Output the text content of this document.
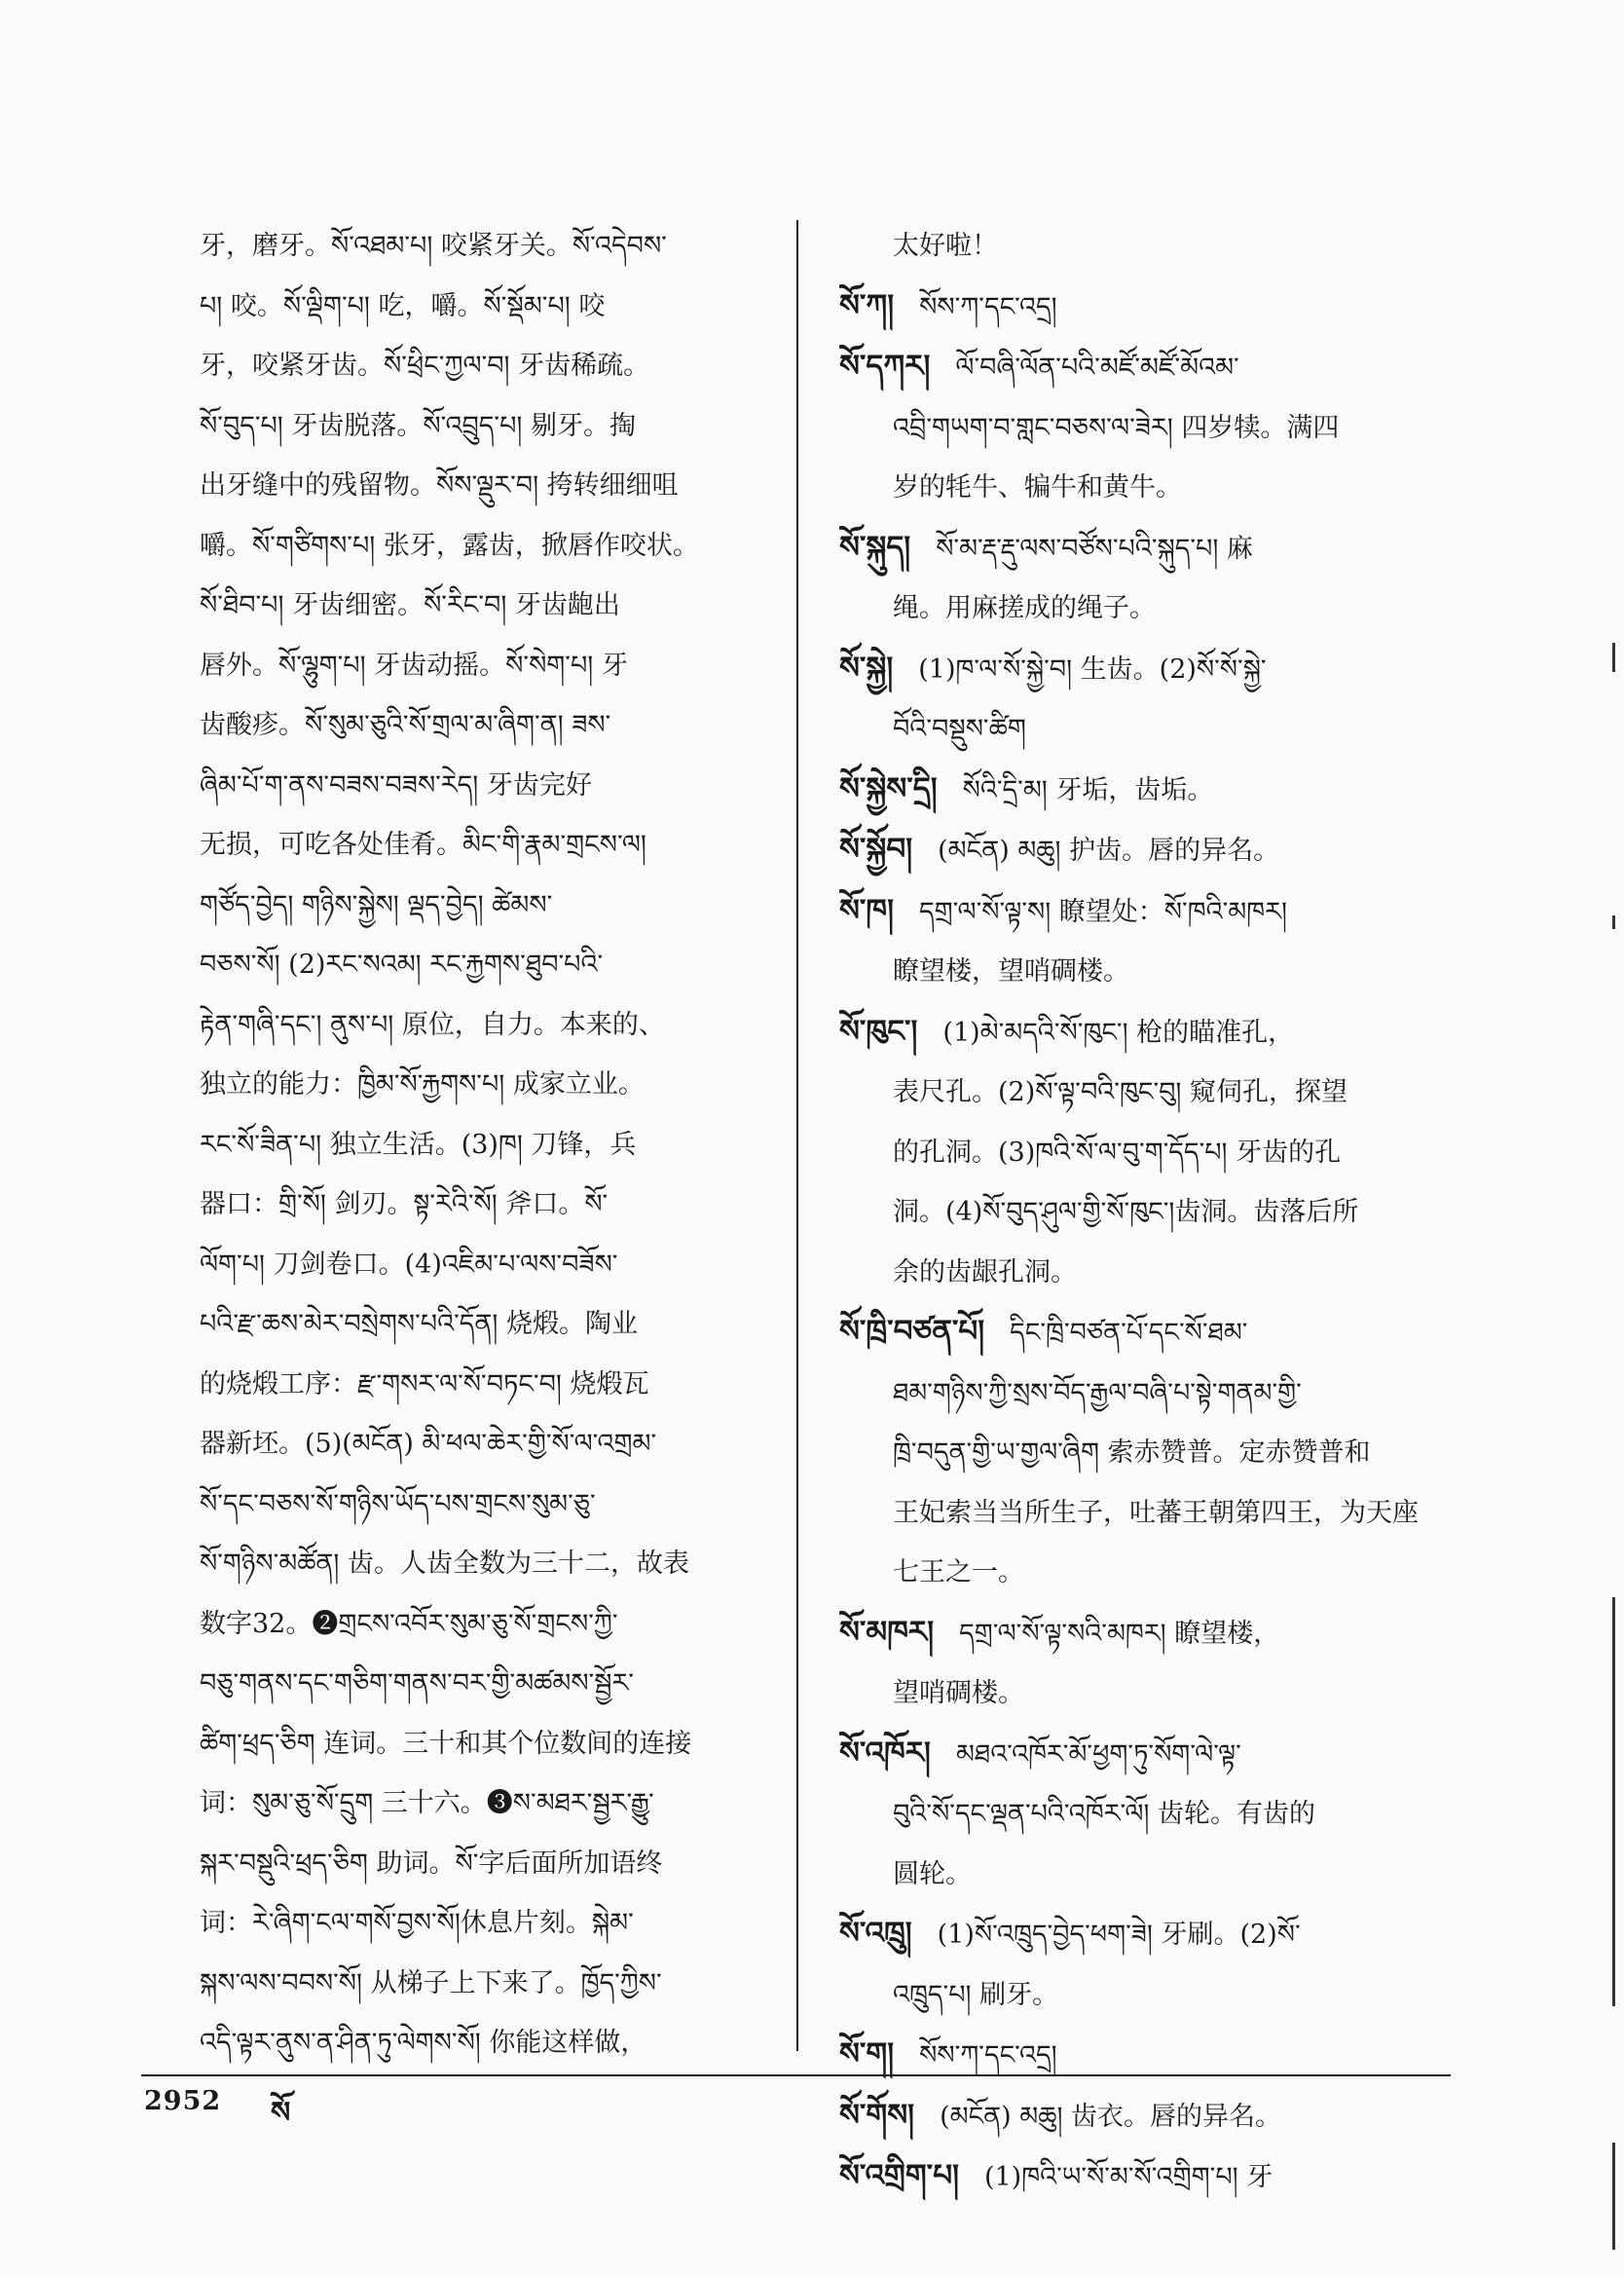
牙，磨牙。སོ་འཐམ་པ། 咬紧牙关。སོ་འདེབས་
པ། 咬。སོ་ལྡིག་པ། 吃，嚼。སོ་སྡོམ་པ། 咬
牙，咬紧牙齿。སོ་ཕྲིང་ཀྱལ་བ། 牙齿稀疏。
སོ་བུད་པ། 牙齿脱落。སོ་འབྲུད་པ། 剔牙。掏
出牙缝中的残留物。སོས་ལྡུར་བ། 挎转细细咀
嚼。སོ་གཙིགས་པ། 张牙，露齿，掀唇作咬状。
སོ་ཐིབ་པ། 牙齿细密。སོ་རིང་བ། 牙齿龅出
唇外。སོ་ལྷུག་པ། 牙齿动摇。སོ་སེག་པ། 牙
齿酸疹。སོ་སུམ་ཅུའི་སོ་གྲལ་མ་ཞིག་ན། ཟས་
ཞིམ་པོ་ག་ནས་བཟས་བཟས་རེད། 牙齿完好
无损，可吃各处佳肴。མིང་གི་རྣམ་གྲངས་ལ།
གཙོད་བྱེད། གཉིས་སྐྱེས། ལྡད་བྱེད། ཚེམས་
བཅས་སོ། (2)རང་སའམ། རང་རྐྱགས་ཐུབ་པའི་
རྟེན་གཞི་དང་། ནུས་པ། 原位，自力。本来的、
独立的能力：ཁྱིམ་སོ་རྐྱགས་པ། 成家立业。
རང་སོ་ཟིན་པ། 独立生活。(3)ཁ། 刀锋，兵
器口：གྲི་སོ། 剑刃。སྟ་རེའི་སོ། 斧口。སོ་
ལོག་པ། 刀剑卷口。(4)འཇིམ་པ་ལས་བཟོས་
པའི་རྫ་ཆས་མེར་བསྲེགས་པའི་དོན། 烧煅。陶业
的烧煅工序：རྫ་གསར་ལ་སོ་བཏང་བ། 烧煅瓦
器新坯。(5)(མངོན) མི་ཕལ་ཆེར་གྱི་སོ་ལ་འགྲམ་
སོ་དང་བཅས་སོ་གཉིས་ཡོད་པས་གྲངས་སུམ་ཅུ་
སོ་གཉིས་མཚོན། 齿。人齿全数为三十二，故表
数字32。❷གྲངས་འབོར་སུམ་ཅུ་སོ་གྲངས་ཀྱི་
བཅུ་གནས་དང་གཅིག་གནས་བར་གྱི་མཚམས་སྦྱོར་
ཚིག་ཕྲད་ཅིག 连词。三十和其个位数间的连接
词：སུམ་ཅུ་སོ་དྲུག 三十六。❸ས་མཐར་སྦྱར་རྒྱུ་
སྐར་བསྡུའི་ཕྲད་ཅིག 助词。སོ་字后面所加语终
词：རེ་ཞིག་ངལ་གསོ་བྱས་སོ།休息片刻。སྐེམ་
སྐས་ལས་བབས་སོ། 从梯子上下来了。ཁྱོད་ཀྱིས་
འདི་ལྟར་ནུས་ན་ཤིན་ཏུ་ལེགས་སོ། 你能这样做，
太好啦！
སོ་ཀ། སོས་ཀ་དང་འདྲ།
སོ་དཀར། ལོ་བཞི་ལོན་པའི་མཛོ་མཛོ་མོའམ་
འབྲི་གཡག་བ་གླང་བཅས་ལ་ཟེར། 四岁犊。满四
岁的牦牛、犏牛和黄牛。
སོ་སྐུད། སོ་མ་རྡ་རྡུ་ལས་བཙོས་པའི་སྐུད་པ། 麻
绳。用麻搓成的绳子。
སོ་སྐྱེ། (1)ཁ་ལ་སོ་སྐྱེ་བ། 生齿。(2)སོ་སོ་སྐྱེ་
བོའི་བསྡུས་ཚིག
སོ་སྐྱེས་དྲི། སོའི་དྲི་མ། 牙垢，齿垢。
སོ་སྐྱོབ། (མངོན) མཆུ། 护齿。唇的异名。
སོ་ཁ། དགྲ་ལ་སོ་ལྟ་ས། 瞭望处：སོ་ཁའི་མཁར།
瞭望楼，望哨碉楼。
སོ་ཁུང་། (1)མེ་མདའི་སོ་ཁུང་། 枪的瞄准孔，
表尺孔。(2)སོ་ལྟ་བའི་ཁུང་བུ། 窥伺孔，探望
的孔洞。(3)ཁའི་སོ་ལ་བུ་ག་དོད་པ། 牙齿的孔
洞。(4)སོ་བུད་ཤུལ་གྱི་སོ་ཁུང་།齿洞。齿落后所
余的齿龈孔洞。
སོ་ཁྲི་བཙན་པོ། དིང་ཁྲི་བཙན་པོ་དང་སོ་ཐམ་
ཐམ་གཉིས་ཀྱི་སྲས་བོད་རྒྱལ་བཞི་པ་སྟེ་གནམ་གྱི་
ཁྲི་བདུན་གྱི་ཡ་གྱལ་ཞིག 索赤赞普。定赤赞普和
王妃索当当所生子，吐蕃王朝第四王，为天座
七王之一。
སོ་མཁར། དགྲ་ལ་སོ་ལྟ་སའི་མཁར། 瞭望楼，
望哨碉楼。
སོ་འཁོར། མཐའ་འཁོར་མོ་ཕྱག་ཏུ་སོག་ལེ་ལྟ་
བུའི་སོ་དང་ལྡན་པའི་འཁོར་ལོ། 齿轮。有齿的
圆轮。
སོ་འཁྲུ། (1)སོ་འཁྲུད་བྱེད་ཕག་ཟེ། 牙刷。(2)སོ་
འཁྲུད་པ། 刷牙。
སོ་ག། སོས་ཀ་དང་འདྲ།
སོ་གོས། (མངོན) མཆུ། 齿衣。唇的异名。
སོ་འགྲིག་པ། (1)ཁའི་ཡ་སོ་མ་སོ་འགྲིག་པ། 牙
2952 སོ
